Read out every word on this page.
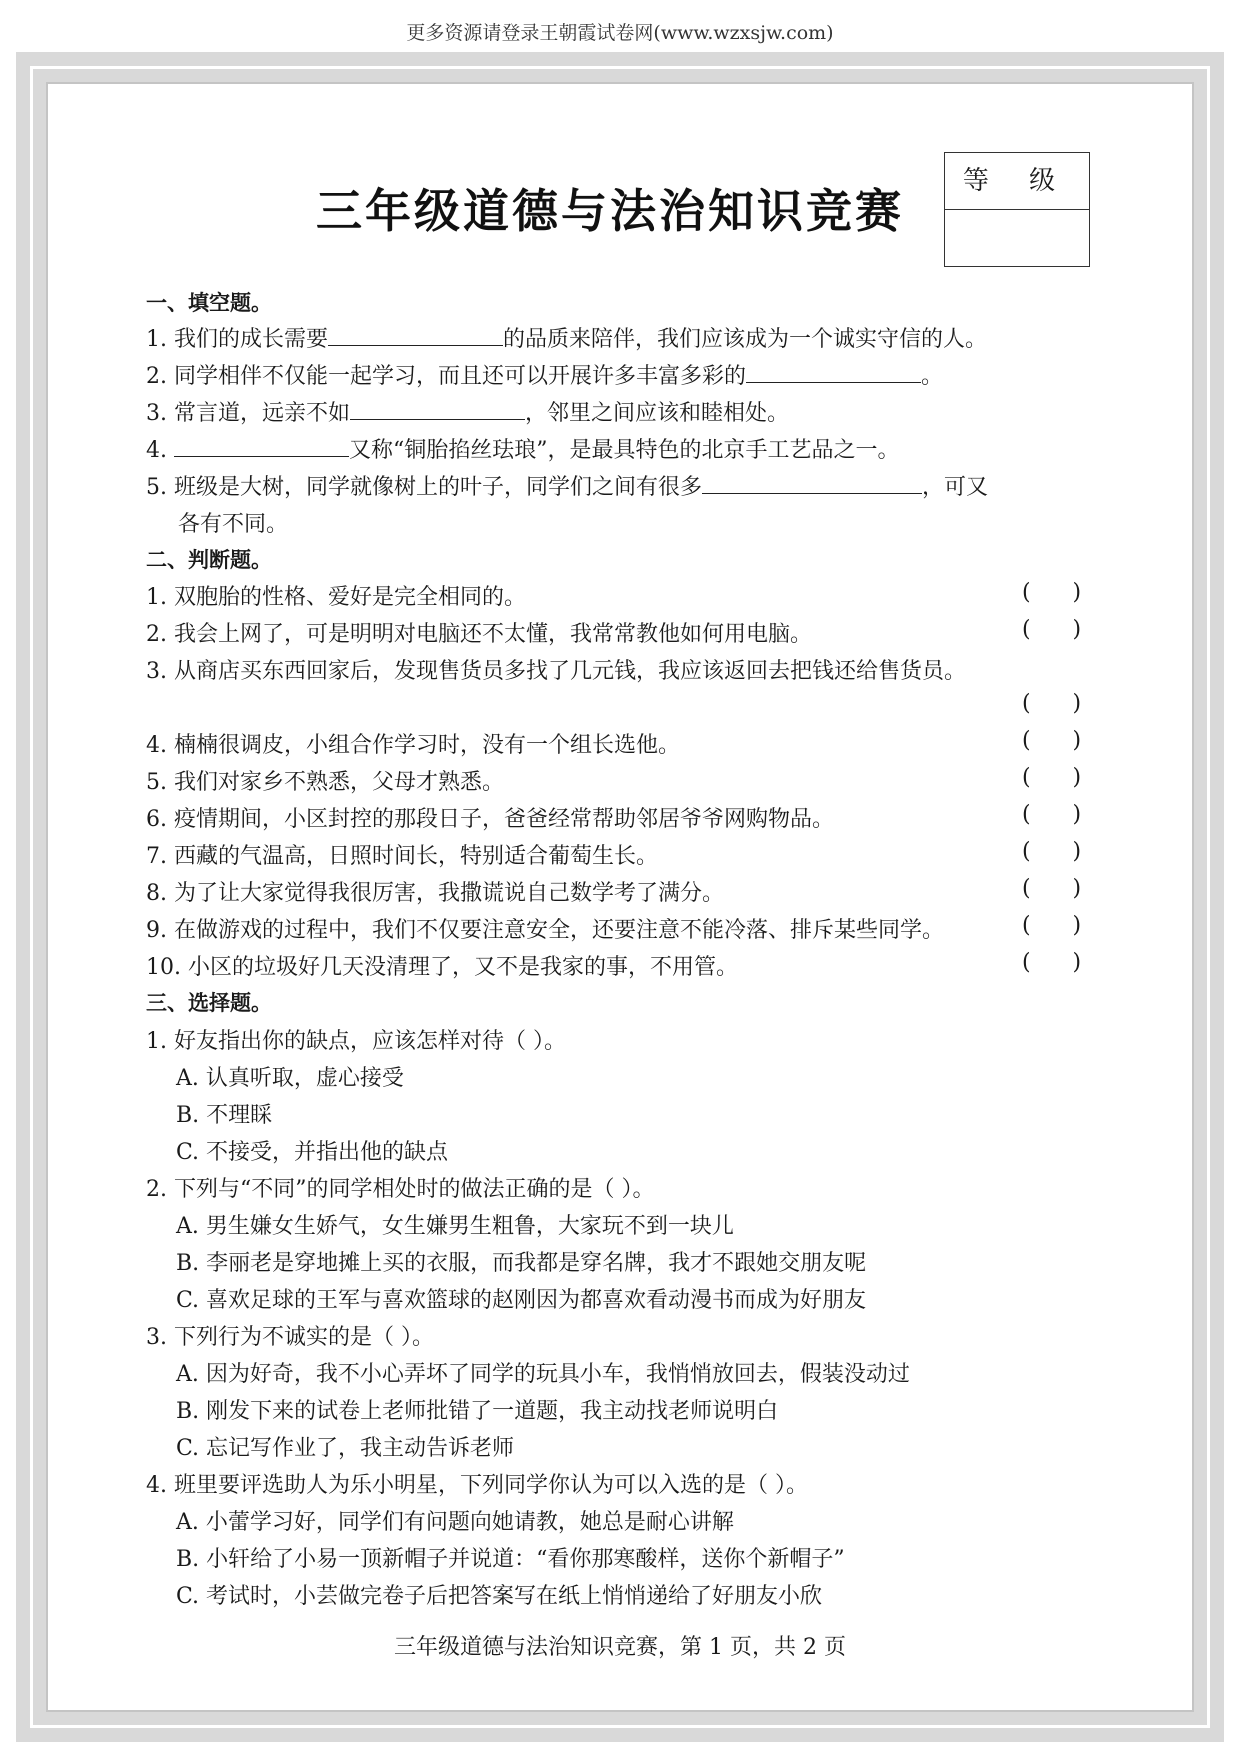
更多资源请登录王朝霞试卷网(www.wzxsjw.com)
三年级道德与法治知识竞赛
等 级
一、填空题。
1. 我们的成长需要	的品质来陪伴，我们应该成为一个诚实守信的人。
2. 同学相伴不仅能一起学习，而且还可以开展许多丰富多彩的	。
3. 常言道，远亲不如	，邻里之间应该和睦相处。
4.	又称“铜胎掐丝珐琅”，是最具特色的北京手工艺品之一。
5. 班级是大树，同学就像树上的叶子，同学们之间有很多	，可又
各有不同。
二、判断题。
1. 双胞胎的性格、爱好是完全相同的。	(      )
2. 我会上网了，可是明明对电脑还不太懂，我常常教他如何用电脑。	(      )
3. 从商店买东西回家后，发现售货员多找了几元钱，我应该返回去把钱还给售货员。
(      )
4. 楠楠很调皮，小组合作学习时，没有一个组长选他。	(      )
5. 我们对家乡不熟悉，父母才熟悉。	(      )
6. 疫情期间，小区封控的那段日子，爸爸经常帮助邻居爷爷网购物品。	(      )
7. 西藏的气温高，日照时间长，特别适合葡萄生长。	(      )
8. 为了让大家觉得我很厉害，我撒谎说自己数学考了满分。	(      )
9. 在做游戏的过程中，我们不仅要注意安全，还要注意不能冷落、排斥某些同学。	(      )
10. 小区的垃圾好几天没清理了，又不是我家的事，不用管。	(      )
三、选择题。
1. 好友指出你的缺点，应该怎样对待（ ）。
A. 认真听取，虚心接受
B. 不理睬
C. 不接受，并指出他的缺点
2. 下列与“不同”的同学相处时的做法正确的是（ ）。
A. 男生嫌女生娇气，女生嫌男生粗鲁，大家玩不到一块儿
B. 李丽老是穿地摊上买的衣服，而我都是穿名牌，我才不跟她交朋友呢
C. 喜欢足球的王军与喜欢篮球的赵刚因为都喜欢看动漫书而成为好朋友
3. 下列行为不诚实的是（ ）。
A. 因为好奇，我不小心弄坏了同学的玩具小车，我悄悄放回去，假装没动过
B. 刚发下来的试卷上老师批错了一道题，我主动找老师说明白
C. 忘记写作业了，我主动告诉老师
4. 班里要评选助人为乐小明星，下列同学你认为可以入选的是（ ）。
A. 小蕾学习好，同学们有问题向她请教，她总是耐心讲解
B. 小轩给了小易一顶新帽子并说道：“看你那寒酸样，送你个新帽子”
C. 考试时，小芸做完卷子后把答案写在纸上悄悄递给了好朋友小欣
三年级道德与法治知识竞赛，第 1 页，共 2 页
